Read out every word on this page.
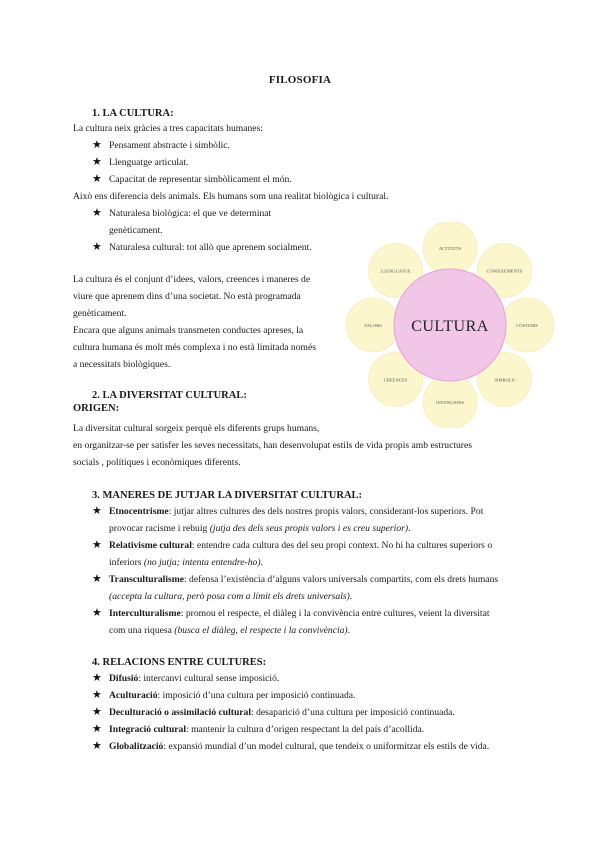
FILOSOFIA
1. LA CULTURA:
La cultura neix gràcies a tres capacitats humanes:
★ Pensament abstracte i simbòlic.
★ Llenguatge articulat.
★ Capacitat de representar simbòlicament el món.
Això ens diferencia dels animals. Els humans som una realitat biològica i cultural.
★ Naturalesa biològica: el que ve determinat
genèticament.
★ Naturalesa cultural: tot allò que aprenem socialment.
La cultura és el conjunt d’idees, valors, creences i maneres de
viure que aprenem dins d’una societat. No està programada
genèticament.
Encara que alguns animals transmeten conductes apreses, la
cultura humana és molt més complexa i no està limitada només
a necessitats biològiques.
ACTITUTS
CONEIXEMENTS
COSTUMS
SIMBOLS
INVENCIONS
CREENCES
VALORS
LLENGUATGE
CULTURA
2. LA DIVERSITAT CULTURAL:
ORIGEN:
La diversitat cultural sorgeix perquè els diferents grups humans,
en organitzar-se per satisfer les seves necessitats, han desenvolupat estils de vida propis amb estructures
socials , polítiques i econòmiques diferents.
3. MANERES DE JUTJAR LA DIVERSITAT CULTURAL:
★ Etnocentrisme: jutjar altres cultures des dels nostres propis valors, considerant-los superiors. Pot
provocar racisme i rebuig (jutja des dels seus propis valors i es creu superior).
★ Relativisme cultural: entendre cada cultura des del seu propi context. No hi ha cultures superiors o
inferiors (no jutja; intenta entendre-ho).
★ Transculturalisme: defensa l’existència d’alguns valors universals compartits, com els drets humans
(accepta la cultura, però posa com a límit els drets universals).
★ Interculturalisme: promou el respecte, el diàleg i la convivència entre cultures, veient la diversitat
com una riquesa (busca el diàleg, el respecte i la convivència).
4. RELACIONS ENTRE CULTURES:
★ Difusió: intercanvi cultural sense imposició.
★ Aculturació: imposició d’una cultura per imposició continuada.
★ Deculturació o assimilació cultural: desaparició d’una cultura per imposició continuada.
★ Integració cultural: mantenir la cultura d’origen respectant la del país d’acollida.
★ Globalització: expansió mundial d’un model cultural, que tendeix o uniformitzar els estils de vida.
